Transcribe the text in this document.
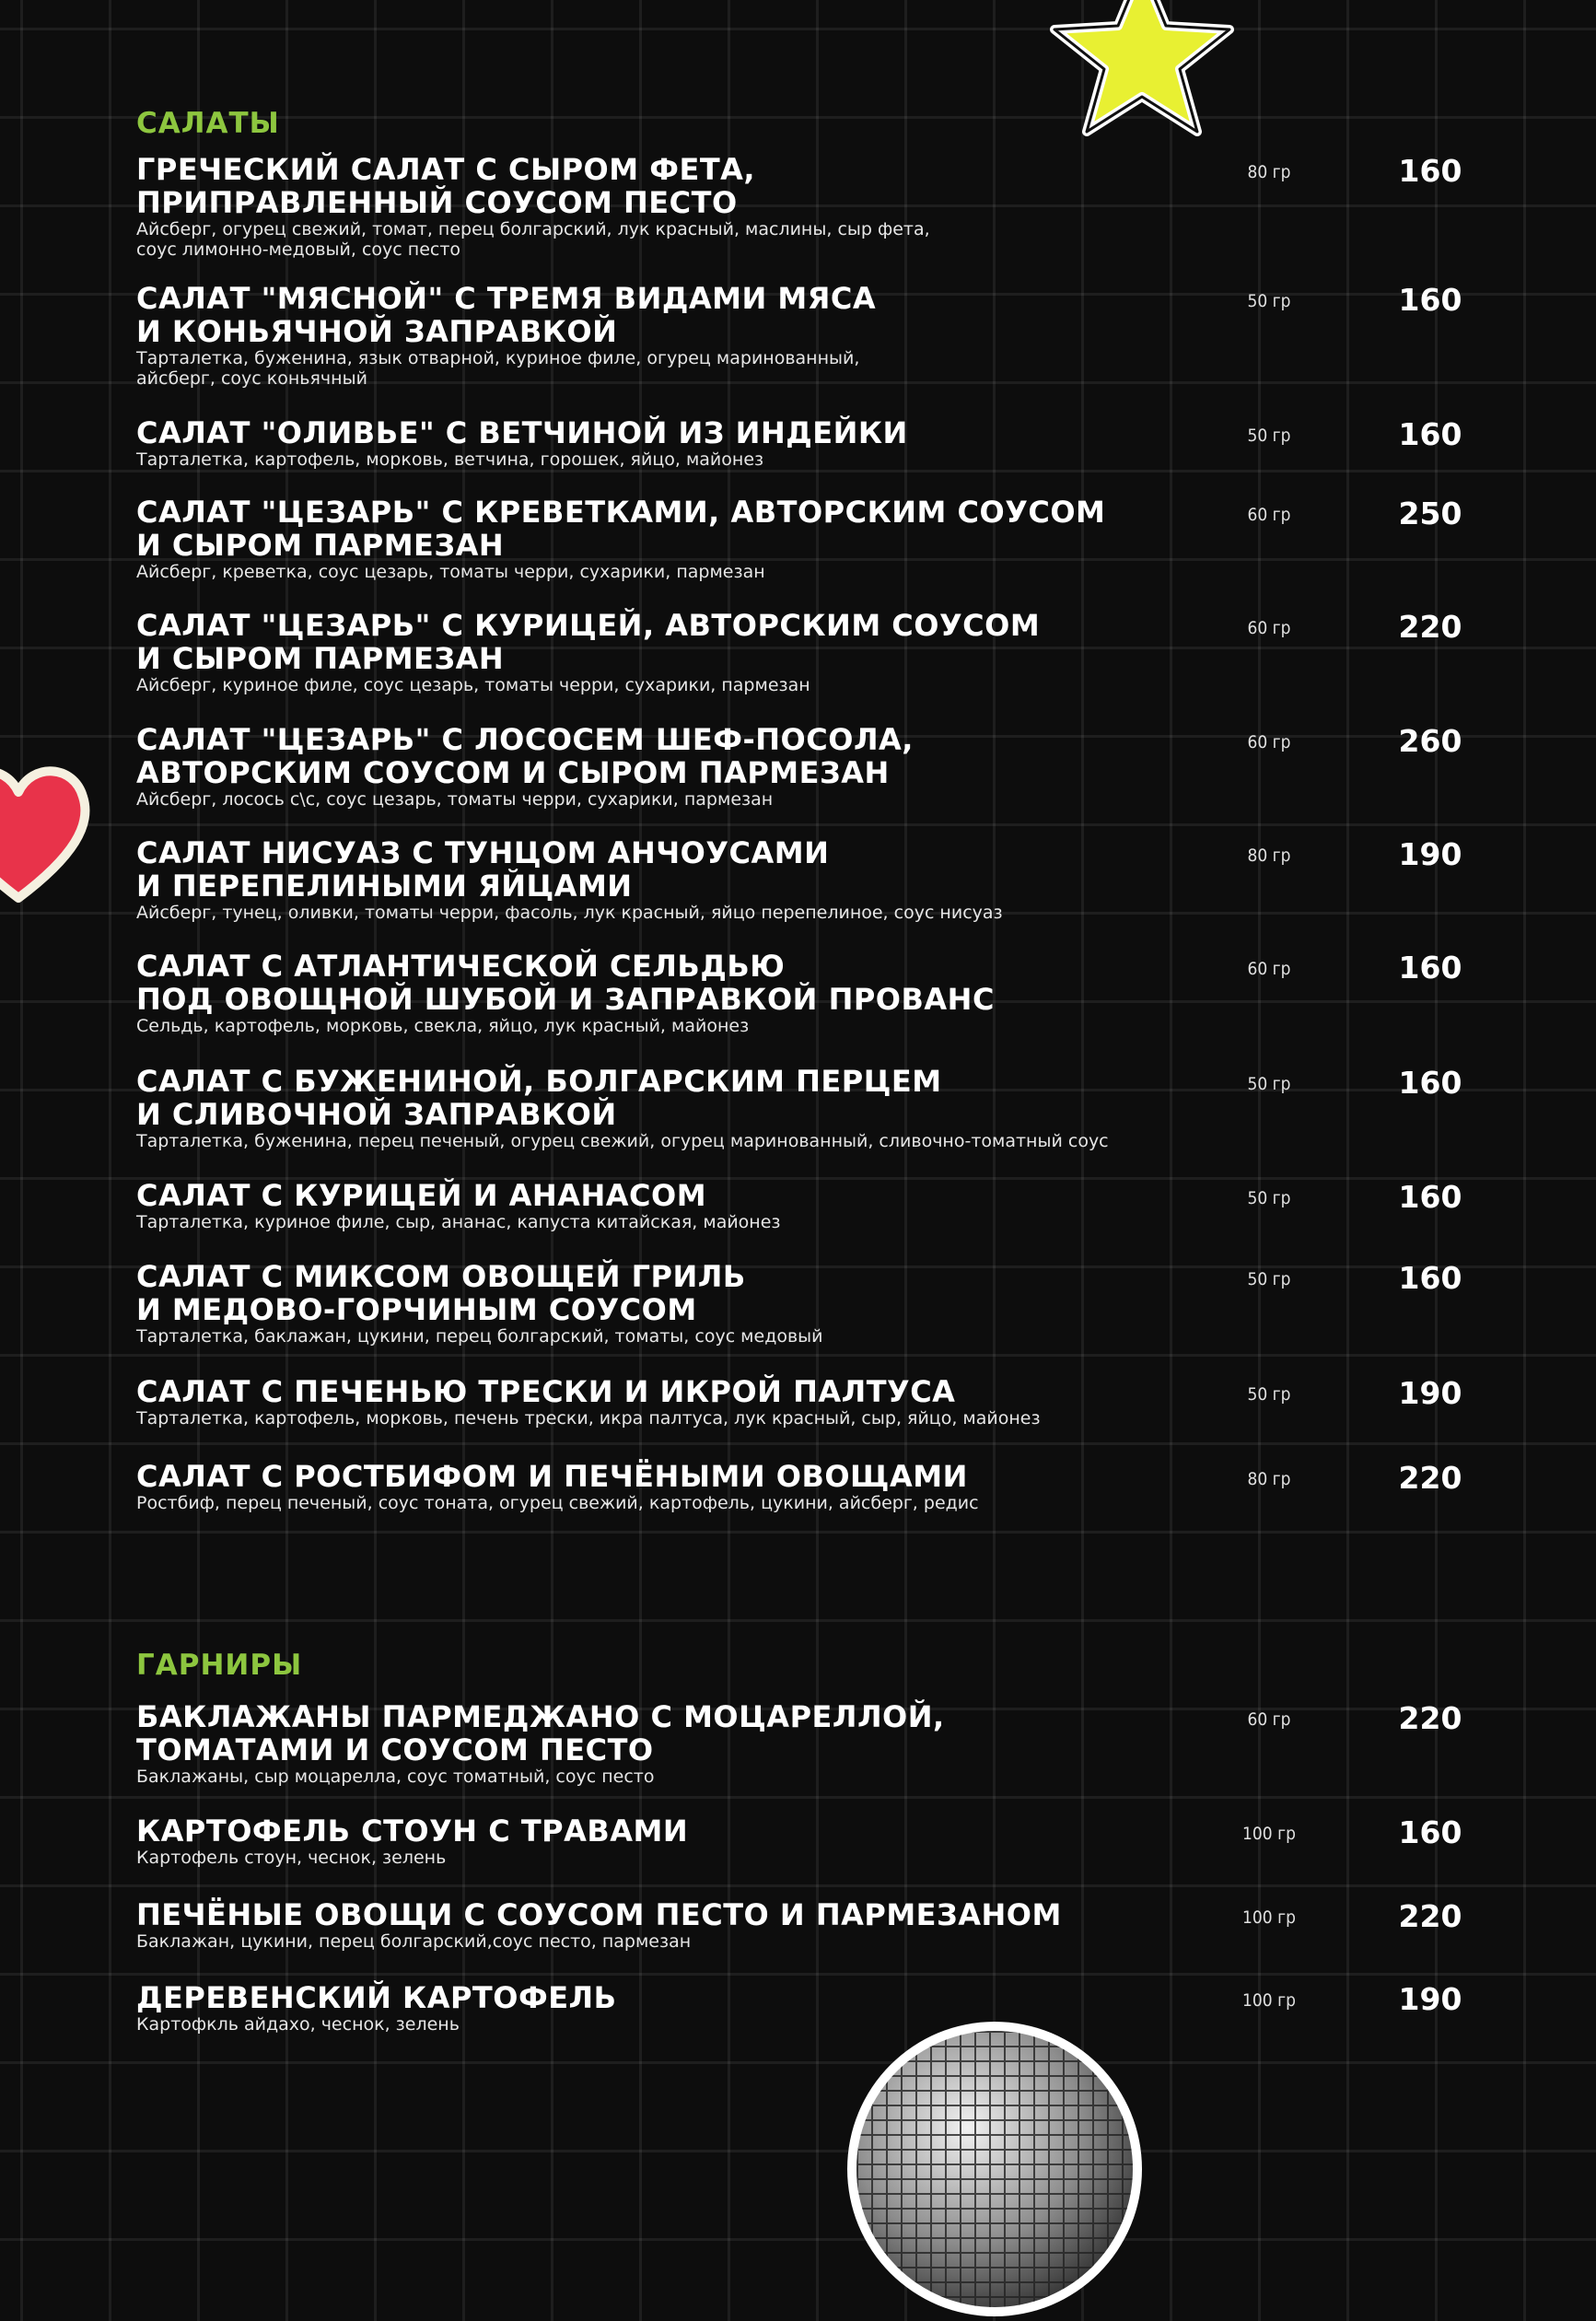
САЛАТЫ
ГРЕЧЕСКИЙ САЛАТ С СЫРОМ ФЕТА,
ПРИПРАВЛЕННЫЙ СОУСОМ ПЕСТО
Айсберг, огурец свежий, томат, перец болгарский, лук красный, маслины, сыр фета,
соус лимонно-медовый, соус песто
80 гр	160
САЛАТ "МЯСНОЙ" С ТРЕМЯ ВИДАМИ МЯСА
И КОНЬЯЧНОЙ ЗАПРАВКОЙ
Тарталетка, буженина, язык отварной, куриное филе, огурец маринованный,
айсберг, соус коньячный
50 гр	160
САЛАТ "ОЛИВЬЕ" С ВЕТЧИНОЙ ИЗ ИНДЕЙКИ
Тарталетка, картофель, морковь, ветчина, горошек, яйцо, майонез
50 гр	160
САЛАТ "ЦЕЗАРЬ" С КРЕВЕТКАМИ, АВТОРСКИМ СОУСОМ
И СЫРОМ ПАРМЕЗАН
Айсберг, креветка, соус цезарь, томаты черри, сухарики, пармезан
60 гр	250
САЛАТ "ЦЕЗАРЬ" С КУРИЦЕЙ, АВТОРСКИМ СОУСОМ
И СЫРОМ ПАРМЕЗАН
Айсберг, куриное филе, соус цезарь, томаты черри, сухарики, пармезан
60 гр	220
САЛАТ "ЦЕЗАРЬ" С ЛОСОСЕМ ШЕФ-ПОСОЛА,
АВТОРСКИМ СОУСОМ И СЫРОМ ПАРМЕЗАН
Айсберг, лосось с\с, соус цезарь, томаты черри, сухарики, пармезан
60 гр	260
САЛАТ НИСУАЗ С ТУНЦОМ АНЧОУСАМИ
И ПЕРЕПЕЛИНЫМИ ЯЙЦАМИ
Айсберг, тунец, оливки, томаты черри, фасоль, лук красный, яйцо перепелиное, соус нисуаз
80 гр	190
САЛАТ С АТЛАНТИЧЕСКОЙ СЕЛЬДЬЮ
ПОД ОВОЩНОЙ ШУБОЙ И ЗАПРАВКОЙ ПРОВАНС
Сельдь, картофель, морковь, свекла, яйцо, лук красный, майонез
60 гр	160
САЛАТ С БУЖЕНИНОЙ, БОЛГАРСКИМ ПЕРЦЕМ
И СЛИВОЧНОЙ ЗАПРАВКОЙ
Тарталетка, буженина, перец печеный, огурец свежий, огурец маринованный, сливочно-томатный соус
50 гр	160
САЛАТ С КУРИЦЕЙ И АНАНАСОМ
Тарталетка, куриное филе, сыр, ананас, капуста китайская, майонез
50 гр	160
САЛАТ С МИКСОМ ОВОЩЕЙ ГРИЛЬ
И МЕДОВО-ГОРЧИНЫМ СОУСОМ
Тарталетка, баклажан, цукини, перец болгарский, томаты, соус медовый
50 гр	160
САЛАТ С ПЕЧЕНЬЮ ТРЕСКИ И ИКРОЙ ПАЛТУСА
Тарталетка, картофель, морковь, печень трески, икра палтуса, лук красный, сыр, яйцо, майонез
50 гр	190
САЛАТ С РОСТБИФОМ И ПЕЧЁНЫМИ ОВОЩАМИ
Ростбиф, перец печеный, соус тоната, огурец свежий, картофель, цукини, айсберг, редис
80 гр	220
ГАРНИРЫ
БАКЛАЖАНЫ ПАРМЕДЖАНО С МОЦАРЕЛЛОЙ,
ТОМАТАМИ И СОУСОМ ПЕСТО
Баклажаны, сыр моцарелла, соус томатный, соус песто
60 гр	220
КАРТОФЕЛЬ СТОУН С ТРАВАМИ
Картофель стоун, чеснок, зелень
100 гр	160
ПЕЧЁНЫЕ ОВОЩИ С СОУСОМ ПЕСТО И ПАРМЕЗАНОМ
Баклажан, цукини, перец болгарский,соус песто, пармезан
100 гр	220
ДЕРЕВЕНСКИЙ КАРТОФЕЛЬ
Картофкль айдахо, чеснок, зелень
100 гр	190
